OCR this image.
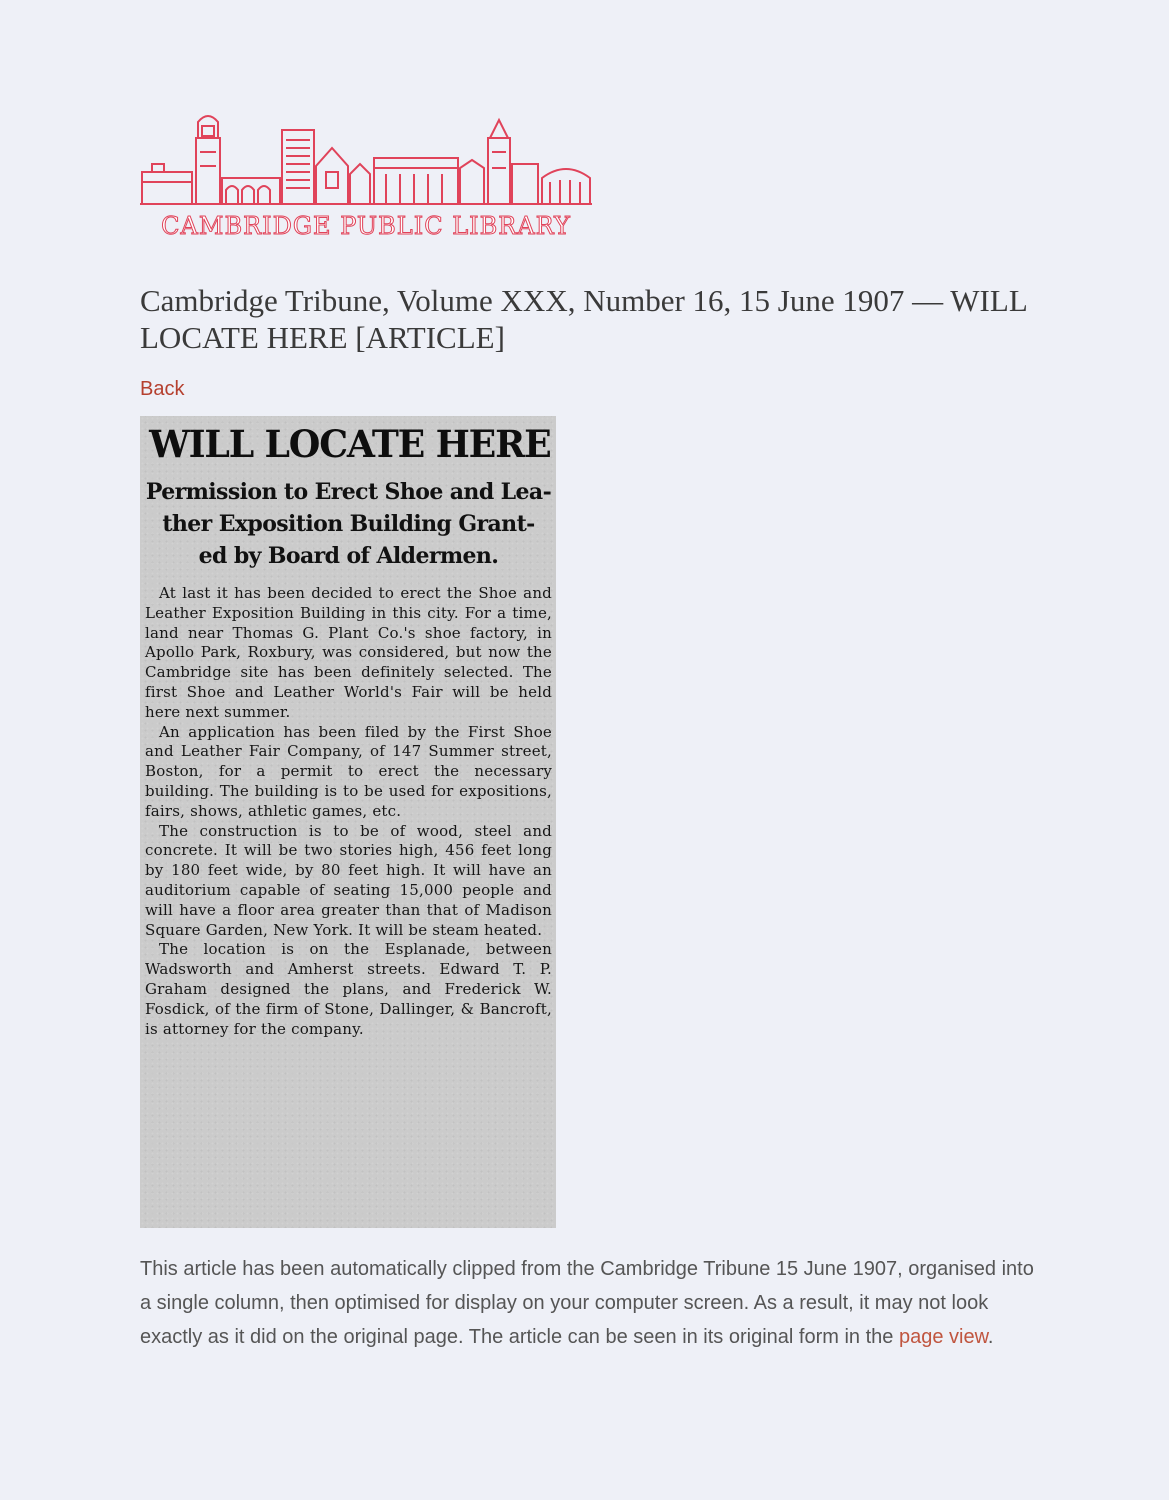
CAMBRIDGE PUBLIC LIBRARY
Cambridge Tribune, Volume XXX, Number 16, 15 June 1907 — WILL LOCATE HERE [ARTICLE]
Back
WILL LOCATE HERE
Permission to Erect Shoe and Lea-
ther Exposition Building Grant-
ed by Board of Aldermen.

At last it has been decided to erect the Shoe and Leather Exposition Building in this city. For a time, land near Thomas G. Plant Co.'s shoe factory, in Apollo Park, Roxbury, was considered, but now the Cambridge site has been definitely selected. The first Shoe and Leather World's Fair will be held here next summer.

An application has been filed by the First Shoe and Leather Fair Company, of 147 Summer street, Boston, for a permit to erect the necessary building. The building is to be used for expositions, fairs, shows, athletic games, etc.

The construction is to be of wood, steel and concrete. It will be two stories high, 456 feet long by 180 feet wide, by 80 feet high. It will have an auditorium capable of seating 15,000 people and will have a floor area greater than that of Madison Square Garden, New York. It will be steam heated.

The location is on the Esplanade, between Wadsworth and Amherst streets. Edward T. P. Graham designed the plans, and Frederick W. Fosdick, of the firm of Stone, Dallinger, & Bancroft, is attorney for the company.

This article has been automatically clipped from the Cambridge Tribune 15 June 1907, organised into a single column, then optimised for display on your computer screen. As a result, it may not look exactly as it did on the original page. The article can be seen in its original form in the page view.
